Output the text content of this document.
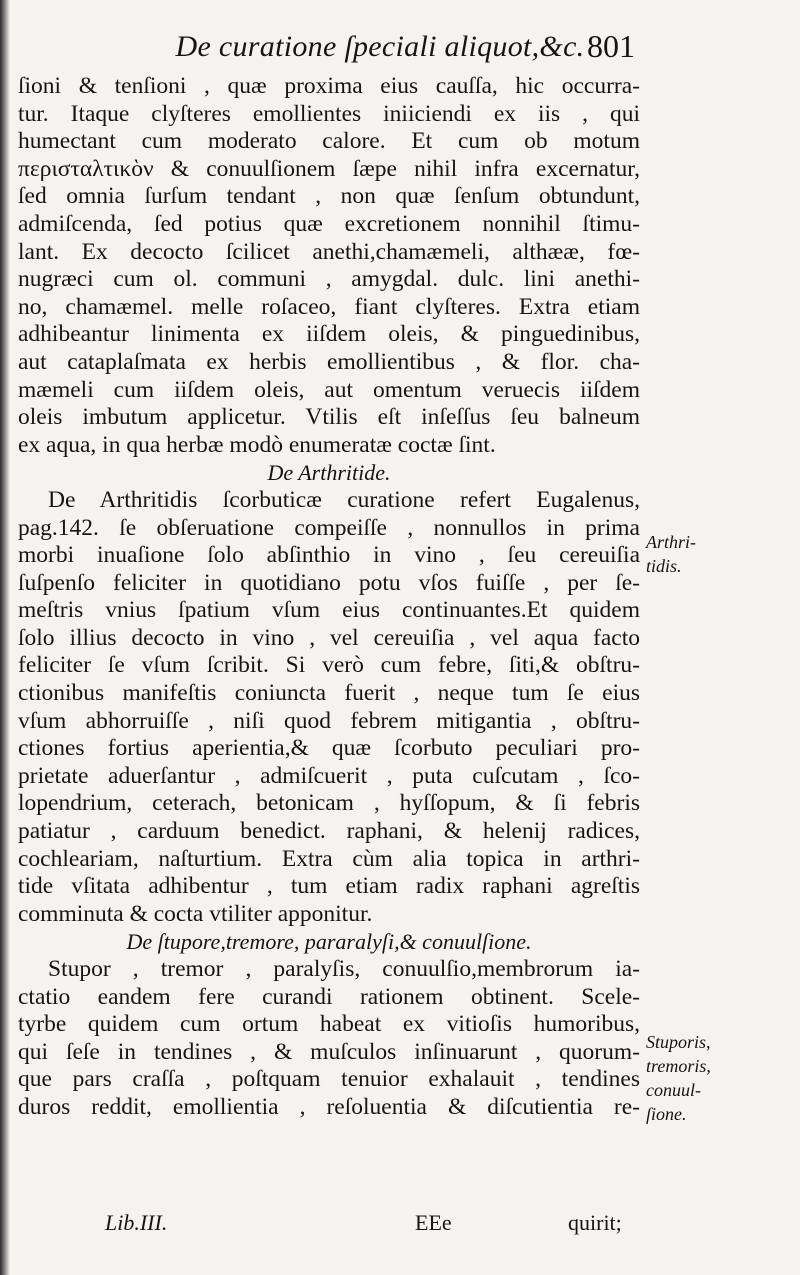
De curatione ſpeciali aliquot,&c. 801
ſioni & tenſioni , quæ proxima eius cauſſa, hic occurra-
tur. Itaque clyſteres emollientes iniiciendi ex iis , qui
humectant cum moderato calore. Et cum ob motum
περισταλτικὸν & conuulſionem ſæpe nihil infra excernatur,
ſed omnia ſurſum tendant , non quæ ſenſum obtundunt,
admiſcenda, ſed potius quæ excretionem nonnihil ſtimu-
lant. Ex decocto ſcilicet anethi,chamæmeli, althææ, fœ-
nugræci cum ol. communi , amygdal. dulc. lini anethi-
no, chamæmel. melle roſaceo, fiant clyſteres. Extra etiam
adhibeantur linimenta ex iiſdem oleis, & pinguedinibus,
aut cataplaſmata ex herbis emollientibus , & flor. cha-
mæmeli cum iiſdem oleis, aut omentum veruecis iiſdem
oleis imbutum applicetur. Vtilis eſt inſeſſus ſeu balneum
ex aqua, in qua herbæ modò enumeratæ coctæ ſint.
De Arthritide.
De Arthritidis ſcorbuticæ curatione refert Eugalenus,
pag.142. ſe obſeruatione compeiſſe , nonnullos in prima
morbi inuaſione ſolo abſinthio in vino , ſeu cereuiſia
ſuſpenſo feliciter in quotidiano potu vſos fuiſſe , per ſe-
meſtris vnius ſpatium vſum eius continuantes.Et quidem
ſolo illius decocto in vino , vel cereuiſia , vel aqua facto
feliciter ſe vſum ſcribit. Si verò cum febre, ſiti,& obſtru-
ctionibus manifeſtis coniuncta fuerit , neque tum ſe eius
vſum abhorruiſſe , niſi quod febrem mitigantia , obſtru-
ctiones fortius aperientia,& quæ ſcorbuto peculiari pro-
prietate aduerſantur , admiſcuerit , puta cuſcutam , ſco-
lopendrium, ceterach, betonicam , hyſſopum, & ſi febris
patiatur , carduum benedict. raphani, & helenij radices,
cochleariam, naſturtium. Extra cùm alia topica in arthri-
tide vſitata adhibentur , tum etiam radix raphani agreſtis
comminuta & cocta vtiliter apponitur.
De ſtupore,tremore, pararalyſi,& conuulſione.
Stupor , tremor , paralyſis, conuulſio,membrorum ia-
ctatio eandem fere curandi rationem obtinent. Scele-
tyrbe quidem cum ortum habeat ex vitioſis humoribus,
qui ſeſe in tendines , & muſculos inſinuarunt , quorum-
que pars craſſa , poſtquam tenuior exhalauit , tendines
duros reddit, emollientia , reſoluentia & diſcutientia re-
Arthri-
tidis.
Stuporis,
tremoris,
conuul-
ſione.
Lib.III.	EEe	quirit;
